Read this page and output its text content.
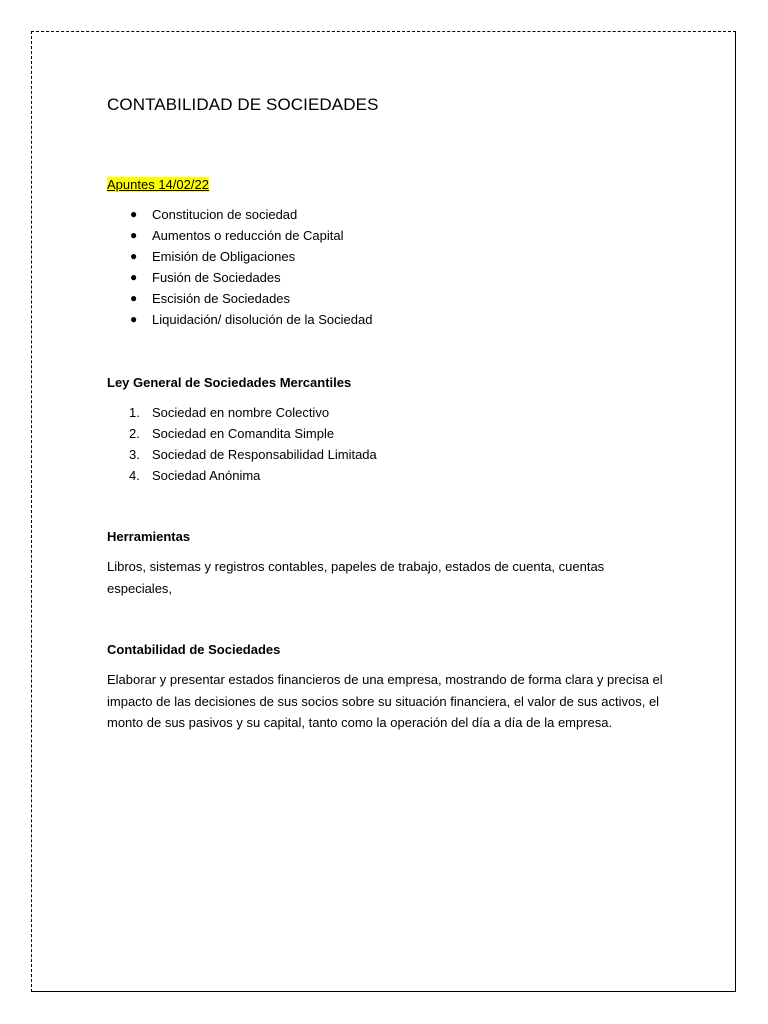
CONTABILIDAD DE SOCIEDADES
Apuntes 14/02/22
● Constitucion de sociedad
● Aumentos o reducción de Capital
● Emisión de Obligaciones
● Fusión de Sociedades
● Escisión de Sociedades
● Liquidación/ disolución de la Sociedad
Ley General de Sociedades Mercantiles
1. Sociedad en nombre Colectivo
2. Sociedad en Comandita Simple
3. Sociedad de Responsabilidad Limitada
4. Sociedad Anónima
Herramientas

Libros, sistemas y registros contables, papeles de trabajo, estados de cuenta, cuentas especiales,

Contabilidad de Sociedades

Elaborar y presentar estados financieros de una empresa, mostrando de forma clara y precisa el impacto de las decisiones de sus socios sobre su situación financiera, el valor de sus activos, el monto de sus pasivos y su capital, tanto como la operación del día a día de la empresa.
